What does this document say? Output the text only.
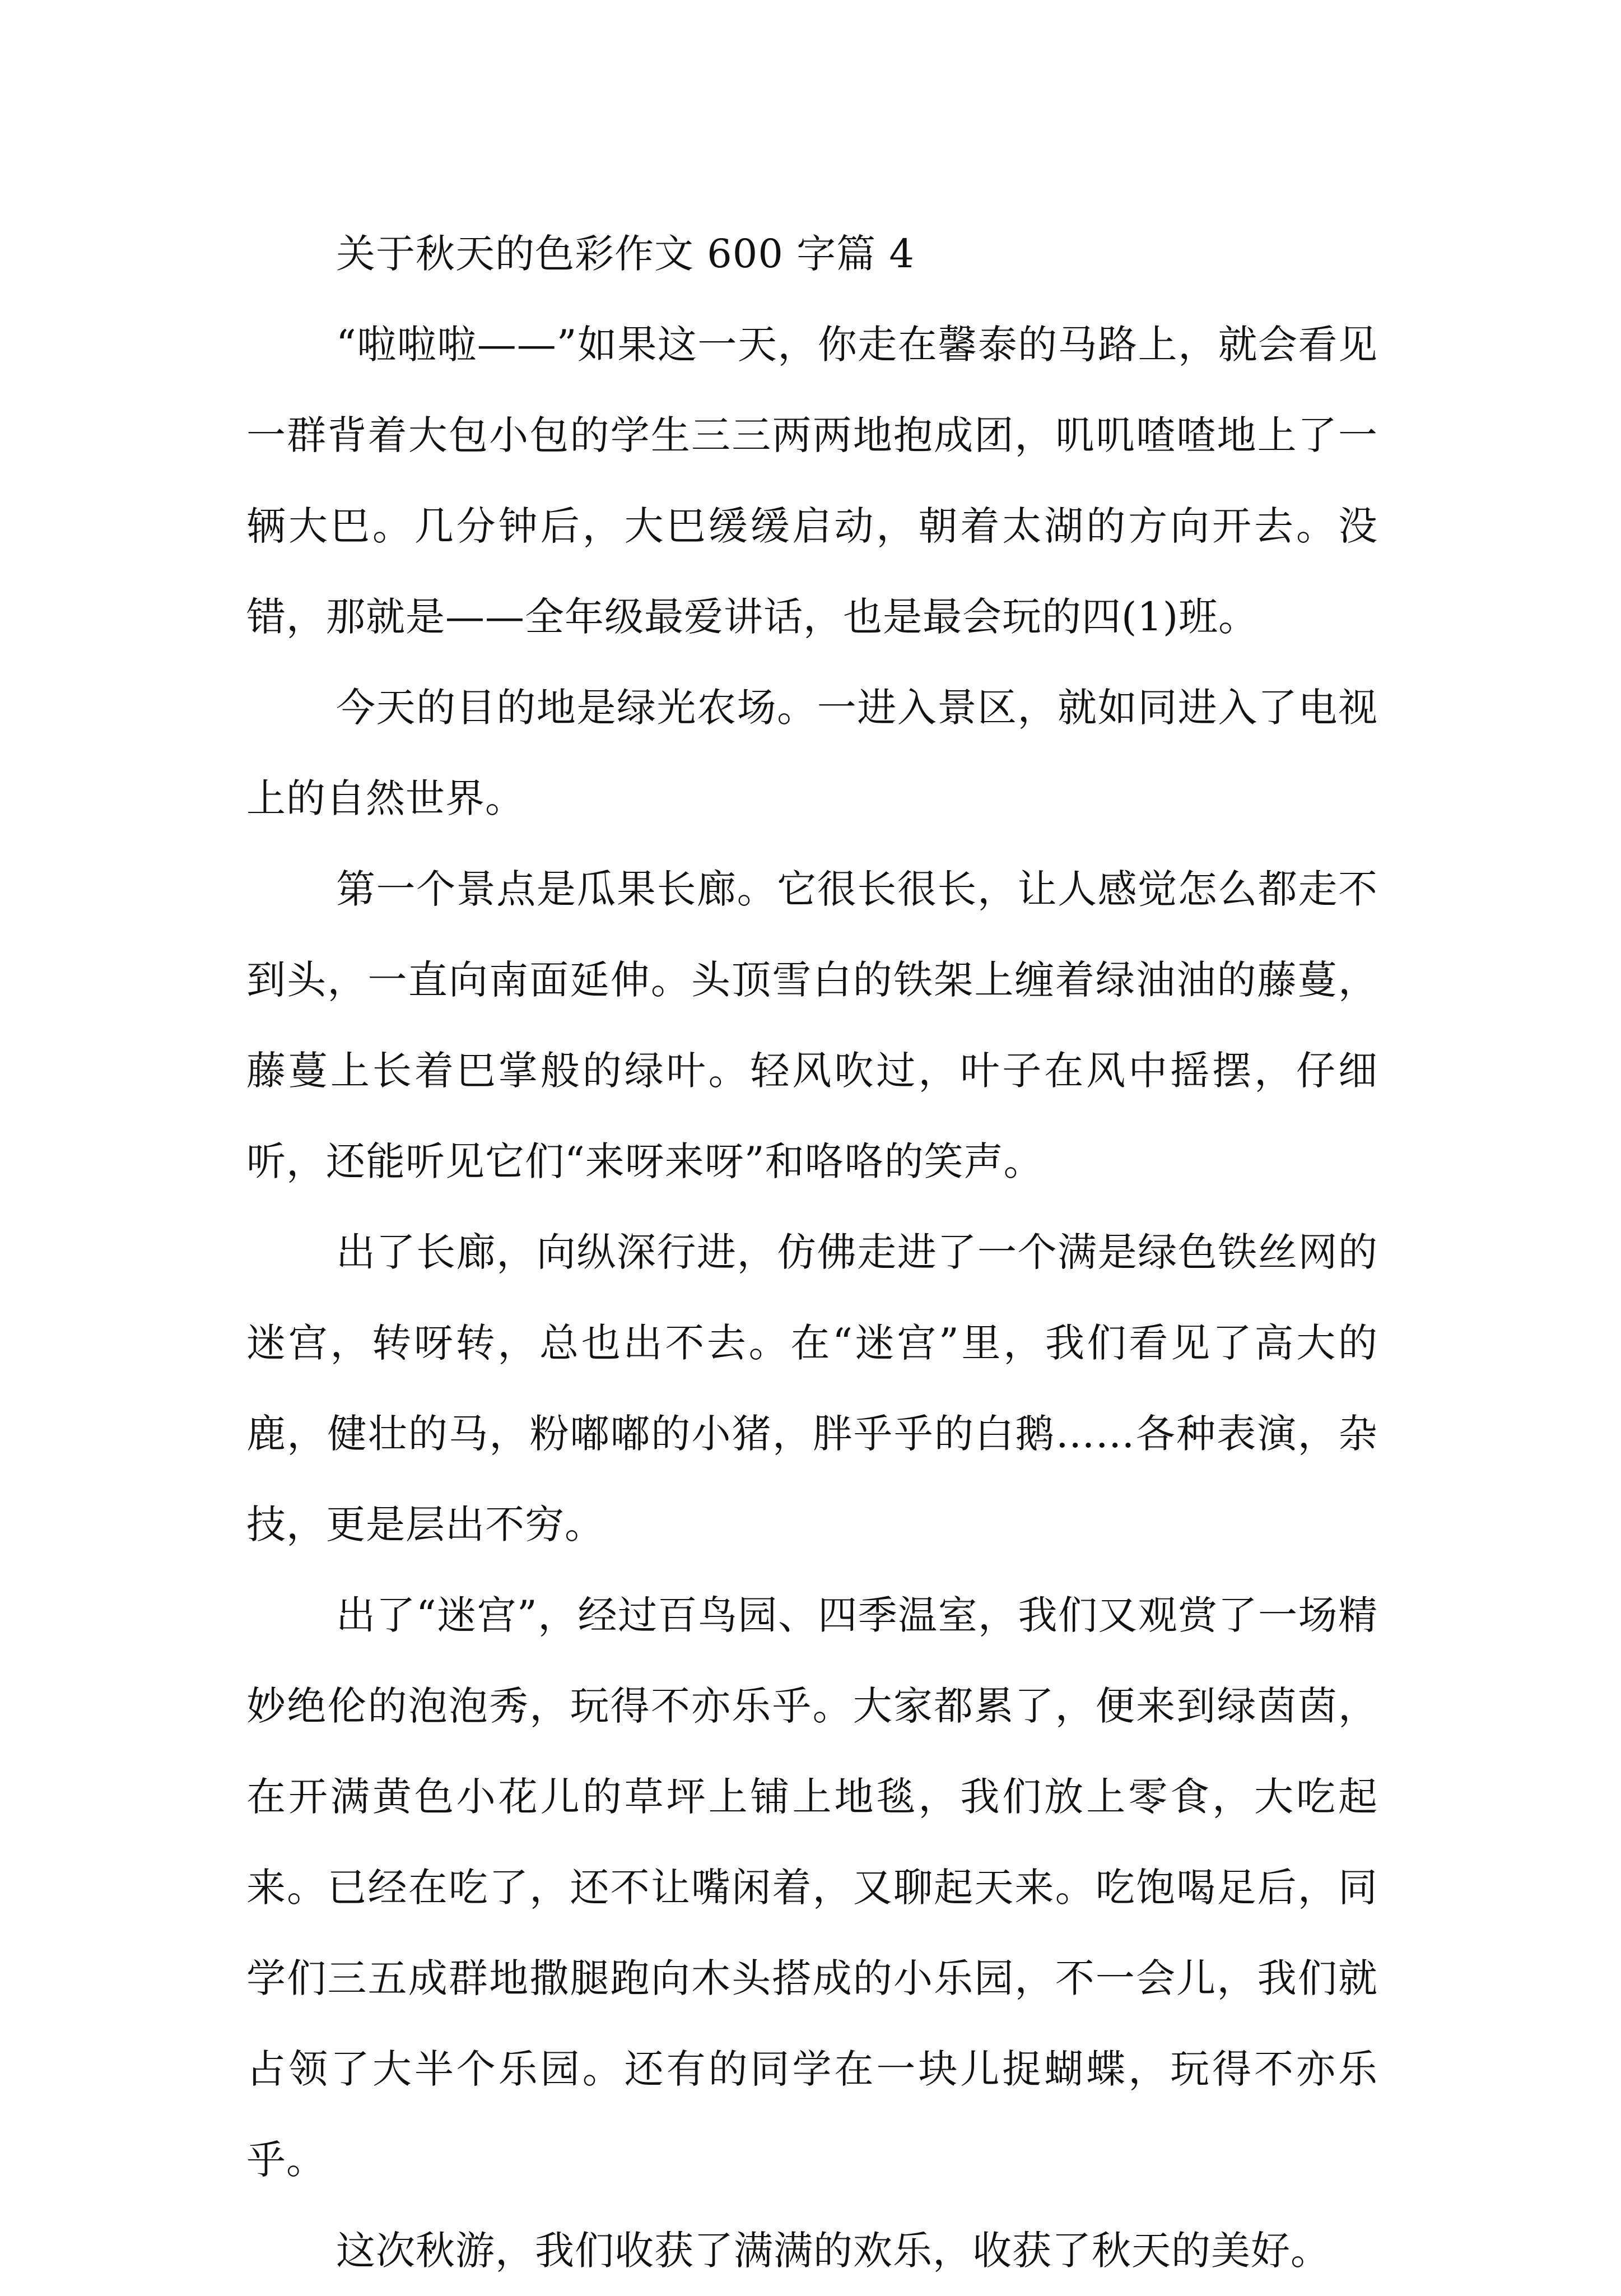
关于秋天的色彩作文 600 字篇 4

“啦啦啦——”如果这一天，你走在馨泰的马路上，就会看见一群背着大包小包的学生三三两两地抱成团，叽叽喳喳地上了一辆大巴。几分钟后，大巴缓缓启动，朝着太湖的方向开去。没错，那就是——全年级最爱讲话，也是最会玩的四(1)班。

今天的目的地是绿光农场。一进入景区，就如同进入了电视上的自然世界。

第一个景点是瓜果长廊。它很长很长，让人感觉怎么都走不到头，一直向南面延伸。头顶雪白的铁架上缠着绿油油的藤蔓，藤蔓上长着巴掌般的绿叶。轻风吹过，叶子在风中摇摆，仔细听，还能听见它们“来呀来呀”和咯咯的笑声。

出了长廊，向纵深行进，仿佛走进了一个满是绿色铁丝网的迷宫，转呀转，总也出不去。在“迷宫”里，我们看见了高大的鹿，健壮的马，粉嘟嘟的小猪，胖乎乎的白鹅……各种表演，杂技，更是层出不穷。

出了“迷宫”，经过百鸟园、四季温室，我们又观赏了一场精妙绝伦的泡泡秀，玩得不亦乐乎。大家都累了，便来到绿茵茵，在开满黄色小花儿的草坪上铺上地毯，我们放上零食，大吃起来。已经在吃了，还不让嘴闲着，又聊起天来。吃饱喝足后，同学们三五成群地撒腿跑向木头搭成的小乐园，不一会儿，我们就占领了大半个乐园。还有的同学在一块儿捉蝴蝶，玩得不亦乐乎。

这次秋游，我们收获了满满的欢乐，收获了秋天的美好。
